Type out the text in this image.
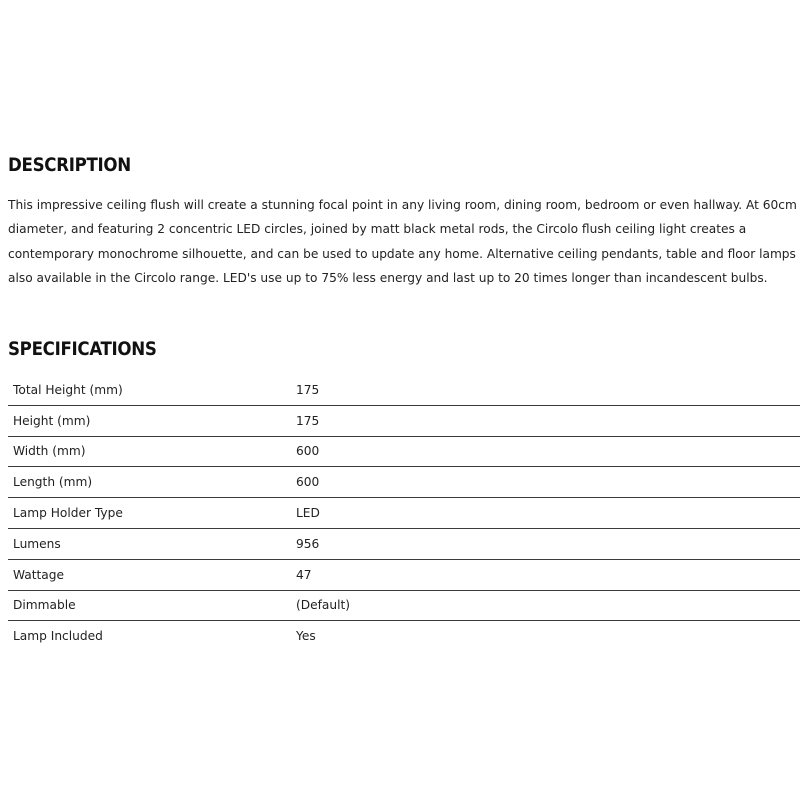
DESCRIPTION

This impressive ceiling flush will create a stunning focal point in any living room, dining room, bedroom or even hallway. At 60cm
diameter, and featuring 2 concentric LED circles, joined by matt black metal rods, the Circolo flush ceiling light creates a
contemporary monochrome silhouette, and can be used to update any home. Alternative ceiling pendants, table and floor lamps
also available in the Circolo range. LED's use up to 75% less energy and last up to 20 times longer than incandescent bulbs.

SPECIFICATIONS
Total Height (mm)	175
Height (mm)	175
Width (mm)	600
Length (mm)	600
Lamp Holder Type	LED
Lumens	956
Wattage	47
Dimmable	(Default)
Lamp Included	Yes
